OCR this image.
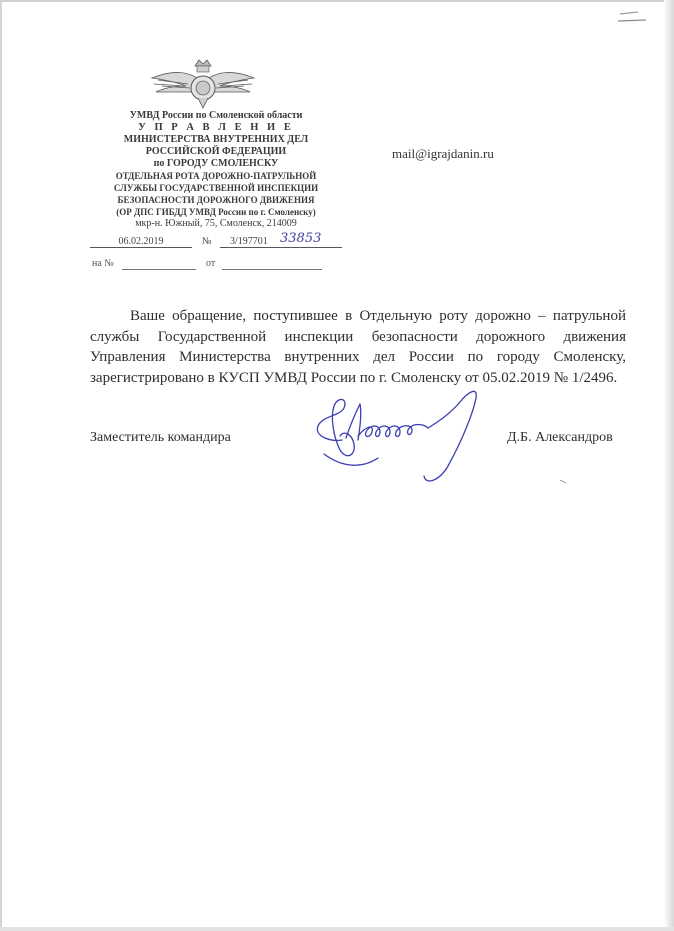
УМВД России по Смоленской области
У П Р А В Л Е Н И Е
МИНИСТЕРСТВА ВНУТРЕННИХ ДЕЛ
РОССИЙСКОЙ ФЕДЕРАЦИИ
по ГОРОДУ СМОЛЕНСКУ
ОТДЕЛЬНАЯ РОТА ДОРОЖНО-ПАТРУЛЬНОЙ
СЛУЖБЫ ГОСУДАРСТВЕННОЙ ИНСПЕКЦИИ
БЕЗОПАСНОСТИ ДОРОЖНОГО ДВИЖЕНИЯ
(ОР ДПС ГИБДД УМВД России по г. Смоленску)
мкр-н. Южный, 75, Смоленск, 214009
mail@igrajdanin.ru
06.02.2019	№	3/197701 33853
на №	от
Ваше обращение, поступившее в Отдельную роту дорожно – патрульной службы Государственной инспекции безопасности дорожного движения Управления Министерства внутренних дел России по городу Смоленску, зарегистрировано в КУСП УМВД России по г. Смоленску от 05.02.2019 № 1/2496.
Заместитель командира	Д.Б. Александров
